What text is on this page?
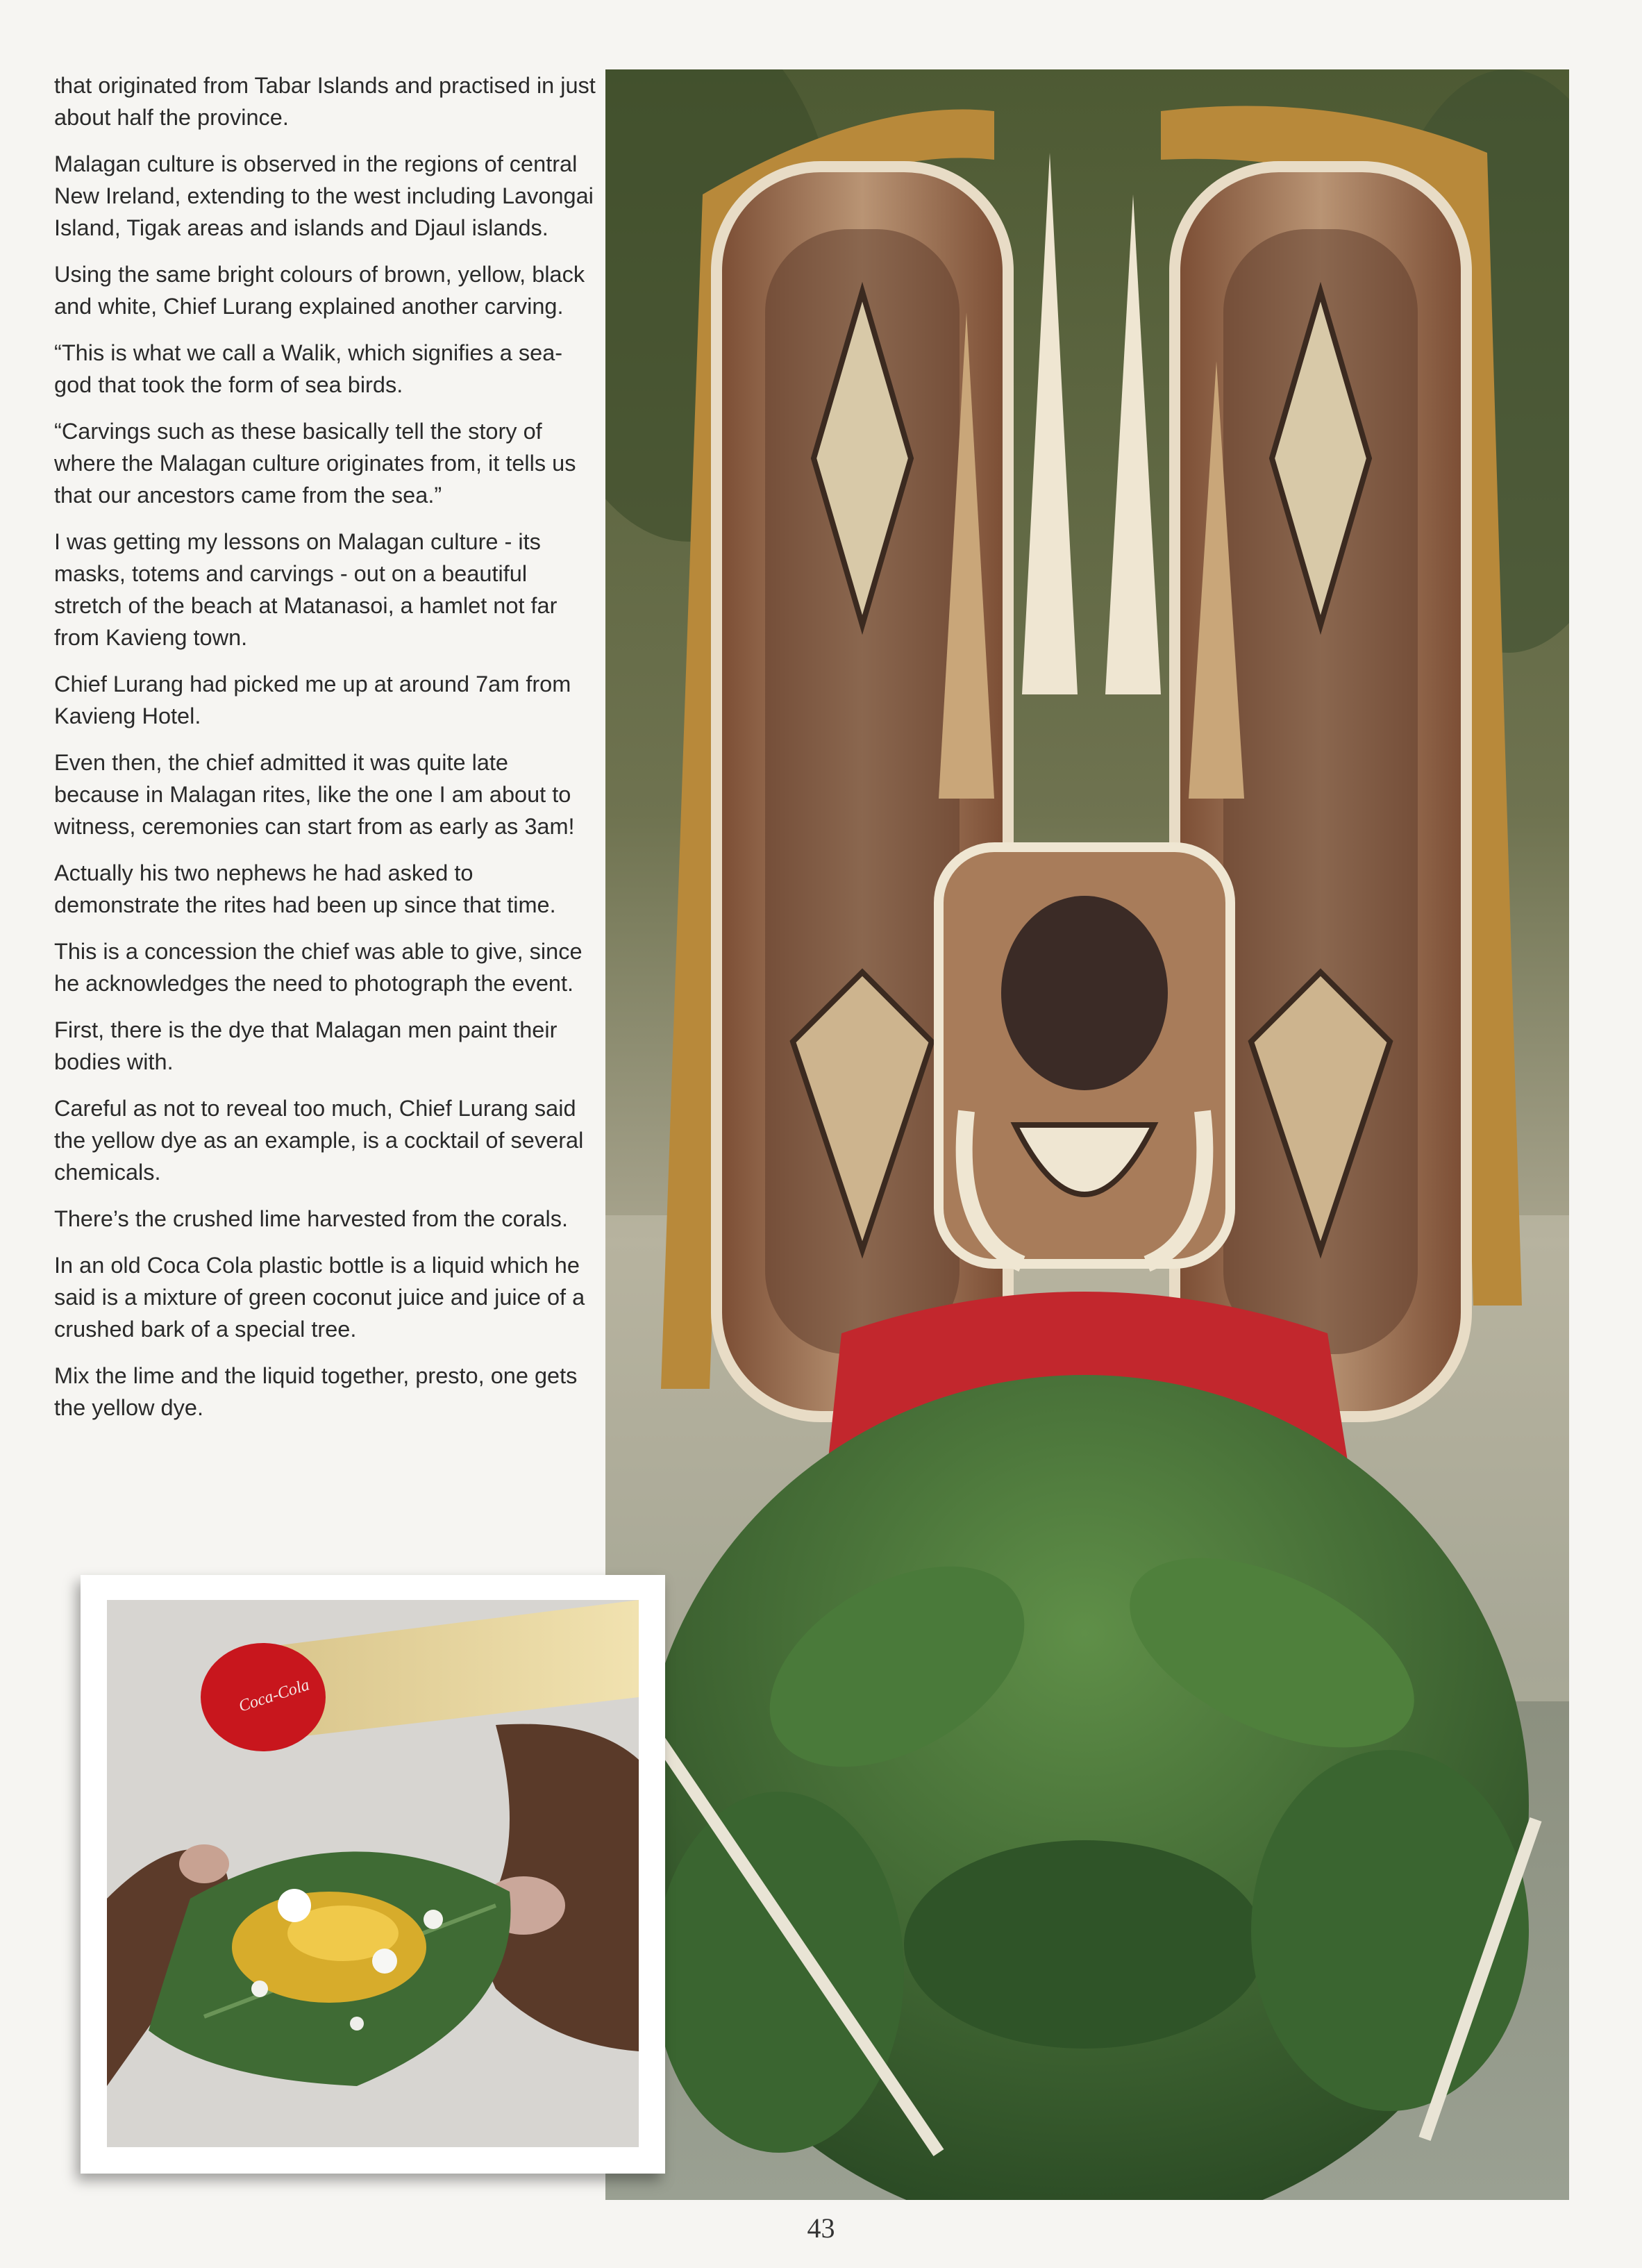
that originated from Tabar Islands and practised in just about half the province.

Malagan culture is observed in the regions of central New Ireland, extending to the west including Lavongai Island, Tigak areas and islands and Djaul islands.

Using the same bright colours of brown, yellow, black and white, Chief Lurang explained another carving.

“This is what we call a Walik, which signifies a sea-god that took the form of sea birds.

“Carvings such as these basically tell the story of where the Malagan culture originates from, it tells us that our ancestors came from the sea.”

I was getting my lessons on Malagan culture - its masks, totems and carvings - out on a beautiful stretch of the beach at Matanasoi, a hamlet not far from Kavieng town.

Chief Lurang had picked me up at around 7am from Kavieng Hotel.

Even then, the chief admitted it was quite late because in Malagan rites, like the one I am about to witness, ceremonies can start from as early as 3am!

Actually his two nephews he had asked to demonstrate the rites had been up since that time.

This is a concession the chief was able to give, since he acknowledges the need to photograph the event.

First, there is the dye that Malagan men paint their bodies with.

Careful as not to reveal too much, Chief Lurang said the yellow dye as an example, is a cocktail of several chemicals.

There’s the crushed lime harvested from the corals.

In an old Coca Cola plastic bottle is a liquid which he said is a mixture of green coconut juice and juice of a crushed bark of a special tree.

Mix the lime and the liquid together, presto, one gets the yellow dye.

Coca-Cola
43
